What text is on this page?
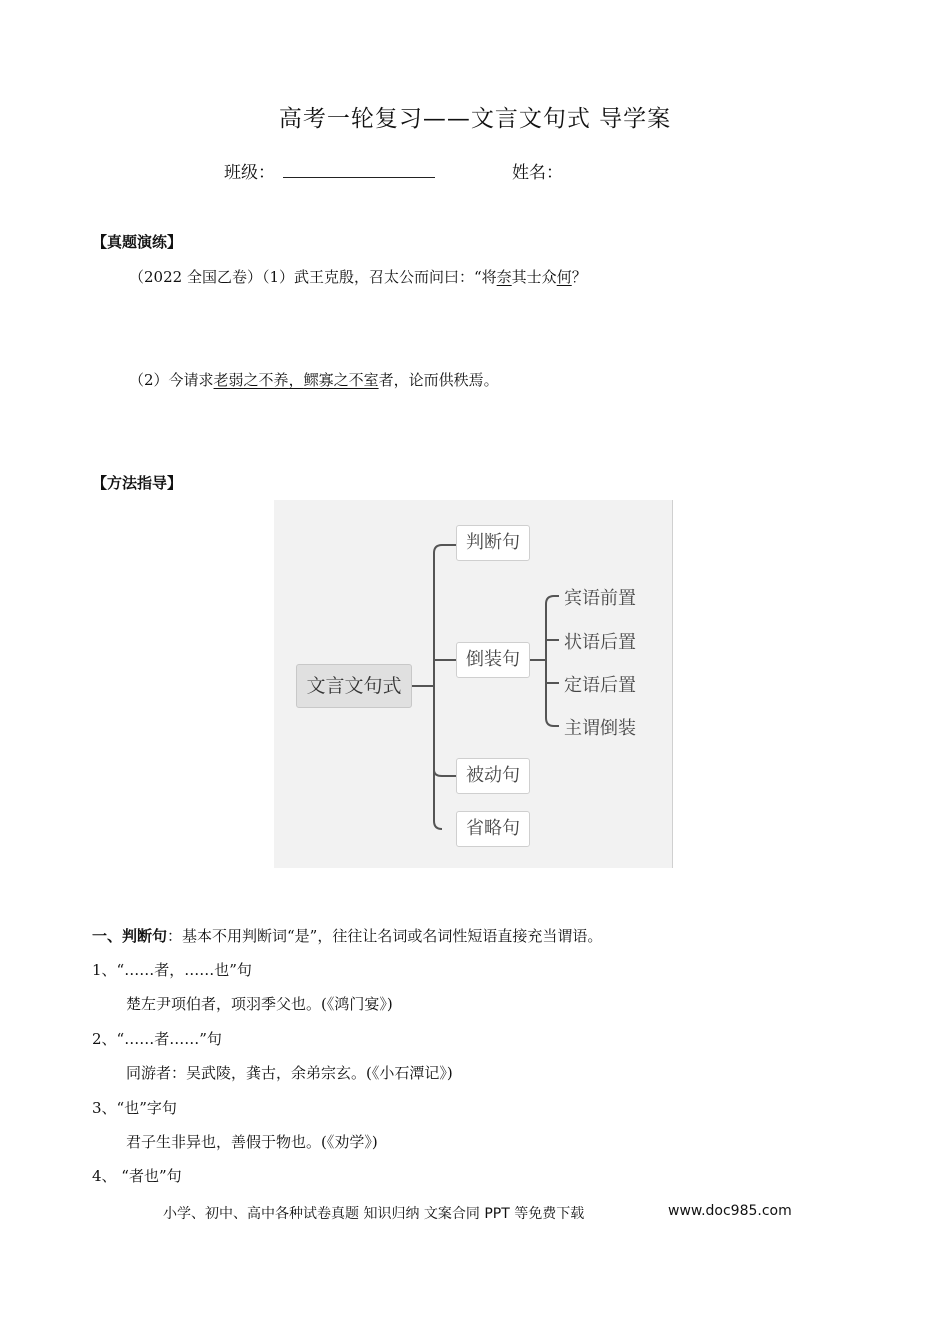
高考一轮复习——文言文句式 导学案
班级：	姓名：
【真题演练】
（2022 全国乙卷）（1）武王克殷，召太公而问曰：“将奈其士众何？
（2）今请求老弱之不养，鳏寡之不室者，论而供秩焉。
【方法指导】
文言文句式
判断句
倒装句
被动句
省略句
宾语前置
状语后置
定语后置
主谓倒装
一、判断句：基本不用判断词“是”，往往让名词或名词性短语直接充当谓语。
1、“……者，……也”句
楚左尹项伯者，项羽季父也。(《鸿门宴》)
2、“……者……”句
同游者：吴武陵，龚古，余弟宗玄。(《小石潭记》)
3、“也”字句
君子生非异也，善假于物也。(《劝学》)
4、 “者也”句
小学、初中、高中各种试卷真题 知识归纳 文案合同 PPT 等免费下载	www.doc985.com
